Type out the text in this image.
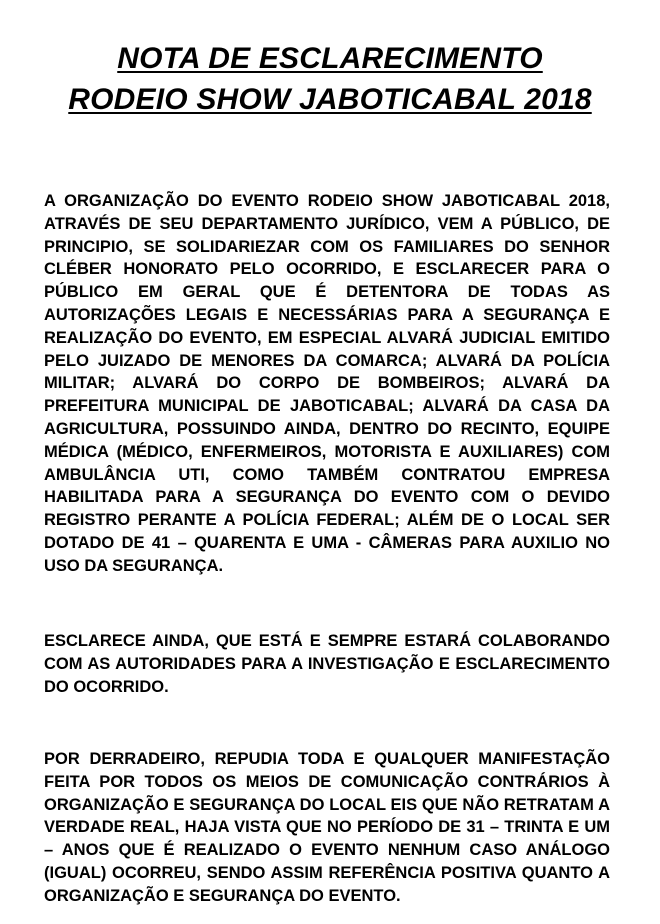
NOTA DE ESCLARECIMENTO
RODEIO SHOW JABOTICABAL 2018

A ORGANIZAÇÃO DO EVENTO RODEIO SHOW JABOTICABAL 2018, ATRAVÉS DE SEU DEPARTAMENTO JURÍDICO, VEM A PÚBLICO, DE PRINCIPIO, SE SOLIDARIEZAR COM OS FAMILIARES DO SENHOR CLÉBER HONORATO PELO OCORRIDO, E ESCLARECER PARA O PÚBLICO EM GERAL QUE É DETENTORA DE TODAS AS AUTORIZAÇÕES LEGAIS E NECESSÁRIAS PARA A SEGURANÇA E REALIZAÇÃO DO EVENTO, EM ESPECIAL ALVARÁ JUDICIAL EMITIDO PELO JUIZADO DE MENORES DA COMARCA; ALVARÁ DA POLÍCIA MILITAR; ALVARÁ DO CORPO DE BOMBEIROS; ALVARÁ DA PREFEITURA MUNICIPAL DE JABOTICABAL; ALVARÁ DA CASA DA AGRICULTURA, POSSUINDO AINDA, DENTRO DO RECINTO, EQUIPE MÉDICA (MÉDICO, ENFERMEIROS, MOTORISTA E AUXILIARES) COM AMBULÂNCIA UTI, COMO TAMBÉM CONTRATOU EMPRESA HABILITADA PARA A SEGURANÇA DO EVENTO COM O DEVIDO REGISTRO PERANTE A POLÍCIA FEDERAL; ALÉM DE O LOCAL SER DOTADO DE 41 – QUARENTA E UMA - CÂMERAS PARA AUXILIO NO USO DA SEGURANÇA.

ESCLARECE AINDA, QUE ESTÁ E SEMPRE ESTARÁ COLABORANDO COM AS AUTORIDADES PARA A INVESTIGAÇÃO E ESCLARECIMENTO DO OCORRIDO.

POR DERRADEIRO, REPUDIA TODA E QUALQUER MANIFESTAÇÃO FEITA POR TODOS OS MEIOS DE COMUNICAÇÃO CONTRÁRIOS À ORGANIZAÇÃO E SEGURANÇA DO LOCAL EIS QUE NÃO RETRATAM A VERDADE REAL, HAJA VISTA QUE NO PERÍODO DE 31 – TRINTA E UM – ANOS QUE É REALIZADO O EVENTO NENHUM CASO ANÁLOGO (IGUAL) OCORREU, SENDO ASSIM REFERÊNCIA POSITIVA QUANTO A ORGANIZAÇÃO E SEGURANÇA DO EVENTO.
